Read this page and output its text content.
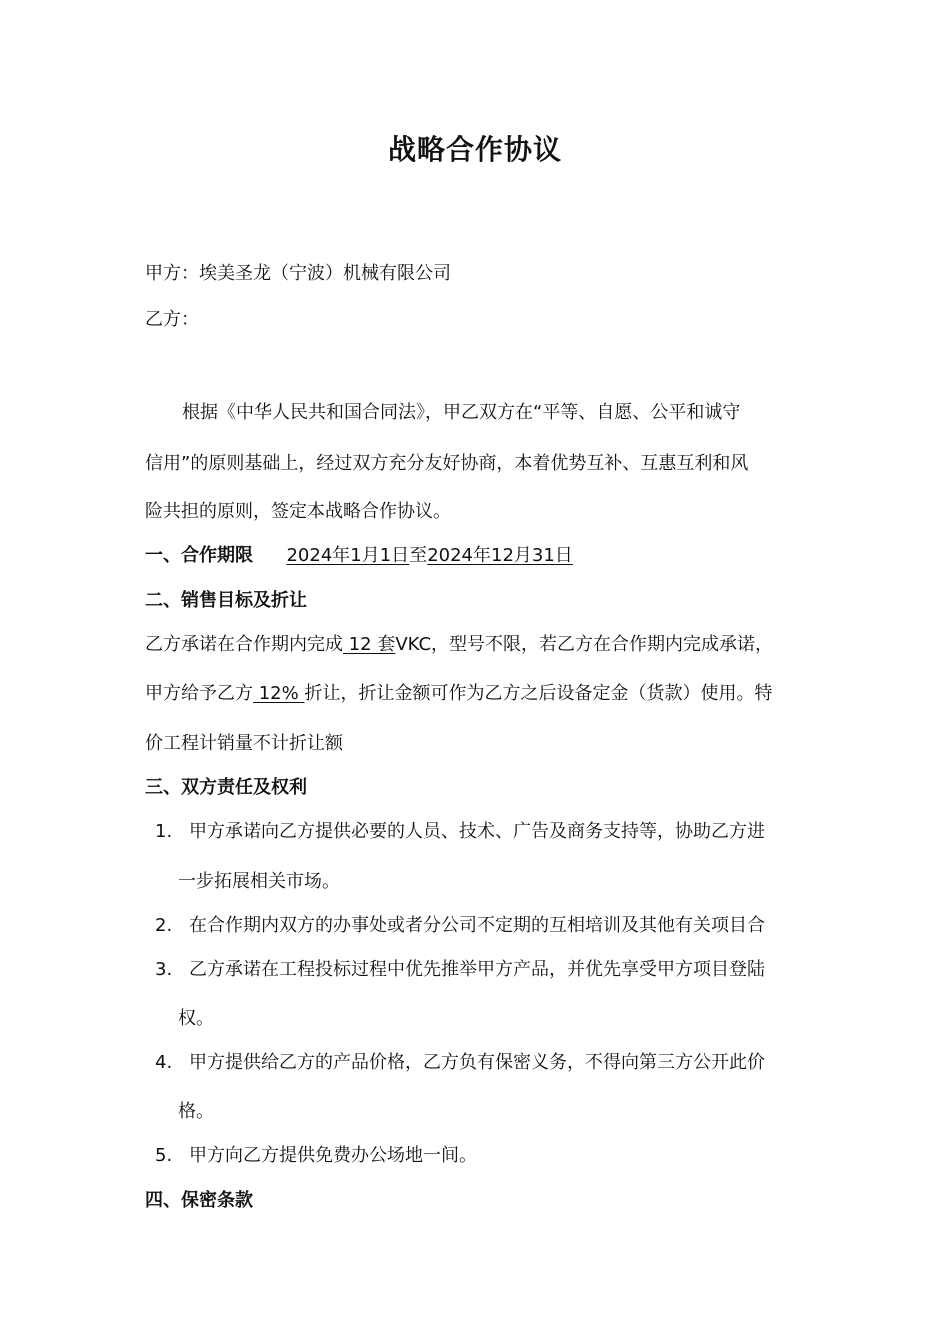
战略合作协议
甲方：埃美圣龙（宁波）机械有限公司
乙方：
根据《中华人民共和国合同法》，甲乙双方在“平等、自愿、公平和诚守
信用”的原则基础上，经过双方充分友好协商，本着优势互补、互惠互利和风
险共担的原则，签定本战略合作协议。
一、合作期限 2024年1月1日至2024年12月31日
二、销售目标及折让
乙方承诺在合作期内完成 12 套VKC，型号不限，若乙方在合作期内完成承诺，
甲方给予乙方 12% 折让，折让金额可作为乙方之后设备定金（货款）使用。特
价工程计销量不计折让额
三、双方责任及权利
1. 甲方承诺向乙方提供必要的人员、技术、广告及商务支持等，协助乙方进
一步拓展相关市场。
2. 在合作期内双方的办事处或者分公司不定期的互相培训及其他有关项目合
3. 乙方承诺在工程投标过程中优先推举甲方产品，并优先享受甲方项目登陆
权。
4. 甲方提供给乙方的产品价格，乙方负有保密义务，不得向第三方公开此价
格。
5. 甲方向乙方提供免费办公场地一间。
四、保密条款
